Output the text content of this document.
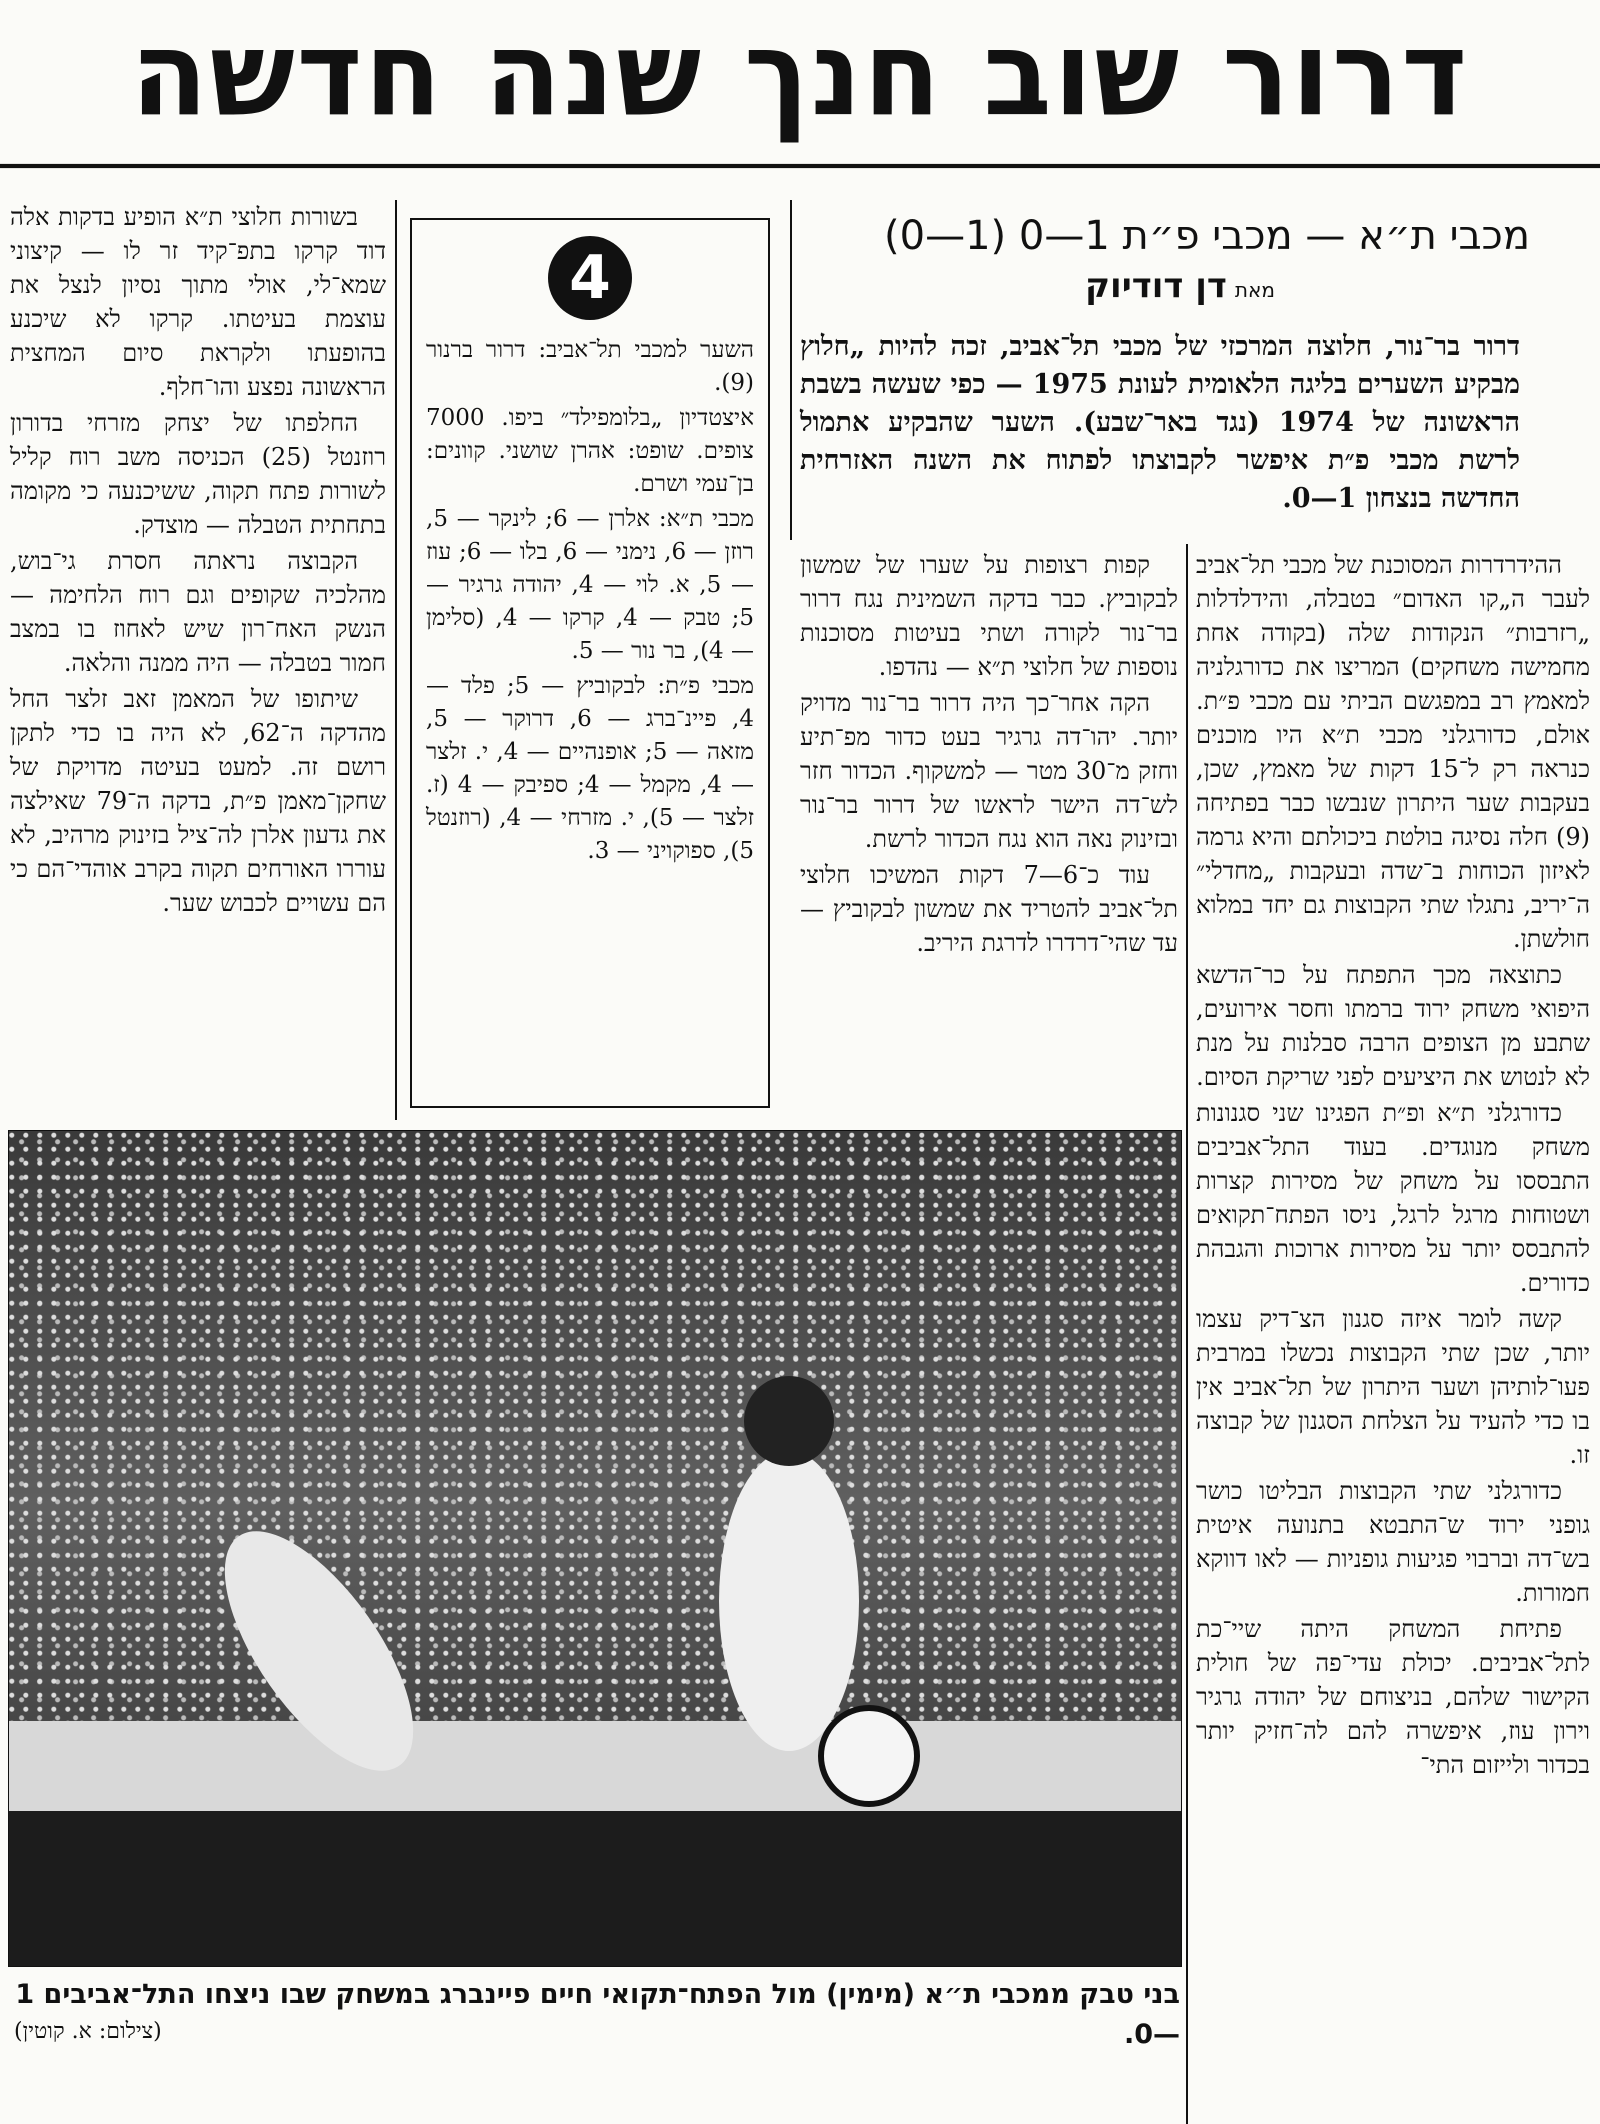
דרור שוב חנך שנה חדשה
מכבי ת״א — מכבי פ״ת 1—0 (1—0)
מאתדן דודיוק
דרור בר־נור, חלוצה המרכזי של מכבי תל־אביב, זכה להיות „חלוץ מבקיע השערים בליגה הלאומית לעונת 1975 — כפי שעשה בשבת הראשונה של 1974 (נגד באר־שבע). השער שהבקיע אתמול לרשת מכבי פ״ת איפשר לקבוצתו לפתוח את השנה האזרחית החדשה בנצחון 1—0.

ההידרדרות המסוכנת של מכבי תל־אביב לעבר ה„קו האדום״ בטבלה, והידלדלות „רזרבות״ הנקודות שלה (בקודה אחת מחמישה משחקים) המריצו את כדורגלניה למאמץ רב במפגשם הביתי עם מכבי פ״ת. אולם, כדורגלני מכבי ת״א היו מוכנים כנראה רק ל־15 דקות של מאמץ, שכן, בעקבות שער היתרון שנבשו כבר בפתיחה (9) חלה נסיגה בולטת ביכולתם והיא גרמה לאיזון הכוחות ב־שדה ובעקבות „מחדלי״ ה־יריב, נתגלו שתי הקבוצות גם יחד במלוא חולשתן.

כתוצאה מכך התפתח על כר־הדשא היפואי משחק ירוד ברמתו וחסר אירועים, שתבע מן הצופים הרבה סבלנות על מנת לא לנטוש את היציעים לפני שריקת הסיום.

כדורגלני ת״א ופ״ת הפגינו שני סגנונות משחק מנוגדים. בעוד התל־אביבים התבססו על משחק של מסירות קצרות ושטוחות מרגל לרגל, ניסו הפתח־תקואים להתבסס יותר על מסירות ארוכות והגבהת כדורים.

קשה לומר איזה סגנון הצ־דיק עצמו יותר, שכן שתי הקבוצות נכשלו במרבית פעו־לותיהן ושער היתרון של תל־אביב אין בו כדי להעיד על הצלחת הסגנון של קבוצה זו.

כדורגלני שתי הקבוצות הבליטו כושר גופני ירוד ש־התבטא בתנועה איטית בש־דה וברבוי פגיעות גופניות — לאו דווקא חמורות.

פתיחת המשחק היתה שיי־כת לתל־אביבים. יכולת עדי־פה של חולית הקישור שלהם, בניצוחם של יהודה גרגיר וירון עוז, איפשרה להם לה־חזיק יותר בכדור ולייזום התי־

קפות רצופות על שערו של שמשון לבקוביץ. כבר בדקה השמינית נגח דרור בר־נור לקורה ושתי בעיטות מסוכנות נוספות של חלוצי ת״א — נהדפו.

הקה אחר־כך היה דרור בר־נור מדויק יותר. יהו־דה גרגיר בעט כדור מפ־תיע וחזק מ־30 מטר — למשקוף. הכדור חזר לש־דה הישר לראשו של דרור בר־נור ובזינוק נאה הוא נגח הכדור לרשת.

עוד כ־6—7 דקות המשיכו חלוצי תל־אביב להטריד את שמשון לבקוביץ — עד שהי־דרדרו לדרגת היריב.

4

השער למכבי תל־אביב: דרור ברנור (9).

איצטדיון „בלומפילד״ ביפו. 7000 צופים. שופט: אהרן שושני. קוונים: בן־עמי ושרם.

מכבי ת״א: אלרן — 6; לינקר — 5, רוזן — 6, נימני — 6, בלו — 6; עוז — 5, א. לוי — 4, יהודה גרגיר — 5; טבק — 4, קרקו — 4, (סלימן — 4), בר נור — 5.

מכבי פ״ת: לבקוביץ — 5; פלד — 4, פיינ־ברג — 6, דרוקר — 5, מזאה — 5; אופנהיים — 4, י. זלצר — 4, מקמל — 4; ספיבק — 4 (ז. זלצר — 5), י. מזרחי — 4, (רוזנטל 5), ספוקויני — 3.

בשורות חלוצי ת״א הופיע בדקות אלה דוד קרקו בתפ־קיד זר לו — קיצוני שמא־לי, אולי מתוך נסיון לנצל את עוצמת בעיטתו. קרקו לא שיכנע בהופעתו ולקראת סיום המחצית הראשונה נפצע והו־חלף.

החלפתו של יצחק מזרחי בדורון רוזנטל (25) הכניסה משב רוח קליל לשורות פתח תקוה, ששיכנעה כי מקומה בתחתית הטבלה — מוצדק.

הקבוצה נראתה חסרת גי־בוש, מהלכיה שקופים וגם רוח הלחימה — הנשק האח־רון שיש לאחוז בו במצב חמור בטבלה — היה ממנה והלאה.

שיתופו של המאמן זאב זלצר החל מהדקה ה־62, לא היה בו כדי לתקן רושם זה. למעט בעיטה מדויקת של שחקן־מאמן פ״ת, בדקה ה־79 שאילצה את גדעון אלרן לה־ציל בזינוק מרהיב, לא עוררו האורחים תקוה בקרב אוהדי־הם כי הם עשויים לכבוש שער.

בני טבק ממכבי ת״א (מימין) מול הפתח־תקואי חיים פיינברג במשחק שבו ניצחו התל־אביבים 1—0.
(צילום: א. קוטין)
